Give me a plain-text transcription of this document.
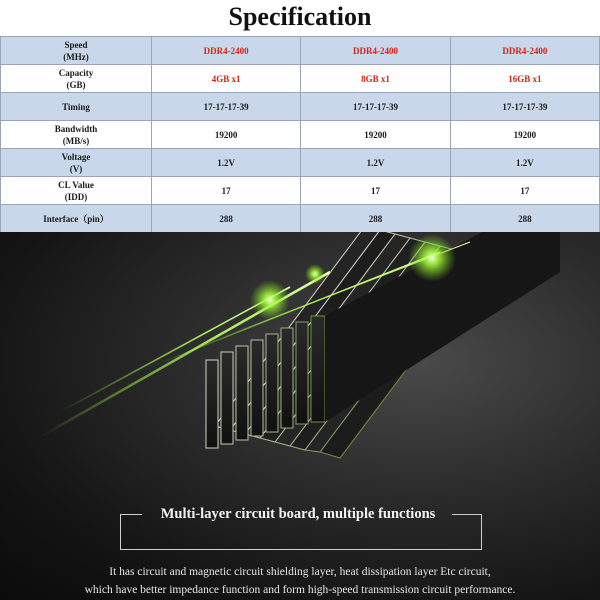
Specification
Speed
(MHz)	DDR4-2400	DDR4-2400	DDR4-2400

Capacity
(GB)	4GB x1	8GB x1	16GB x1
Timing	17-17-17-39	17-17-17-39	17-17-17-39

Bandwidth
(MB/s)	19200	19200	19200

Voltage
(V)	1.2V	1.2V	1.2V

CL Value
(IDD)	17	17	17
Interface（pin）	288	288	288
Multi-layer circuit board, multiple functions
It has circuit and magnetic circuit shielding layer, heat dissipation layer Etc circuit,
which have better impedance function and form high-speed transmission circuit performance.
